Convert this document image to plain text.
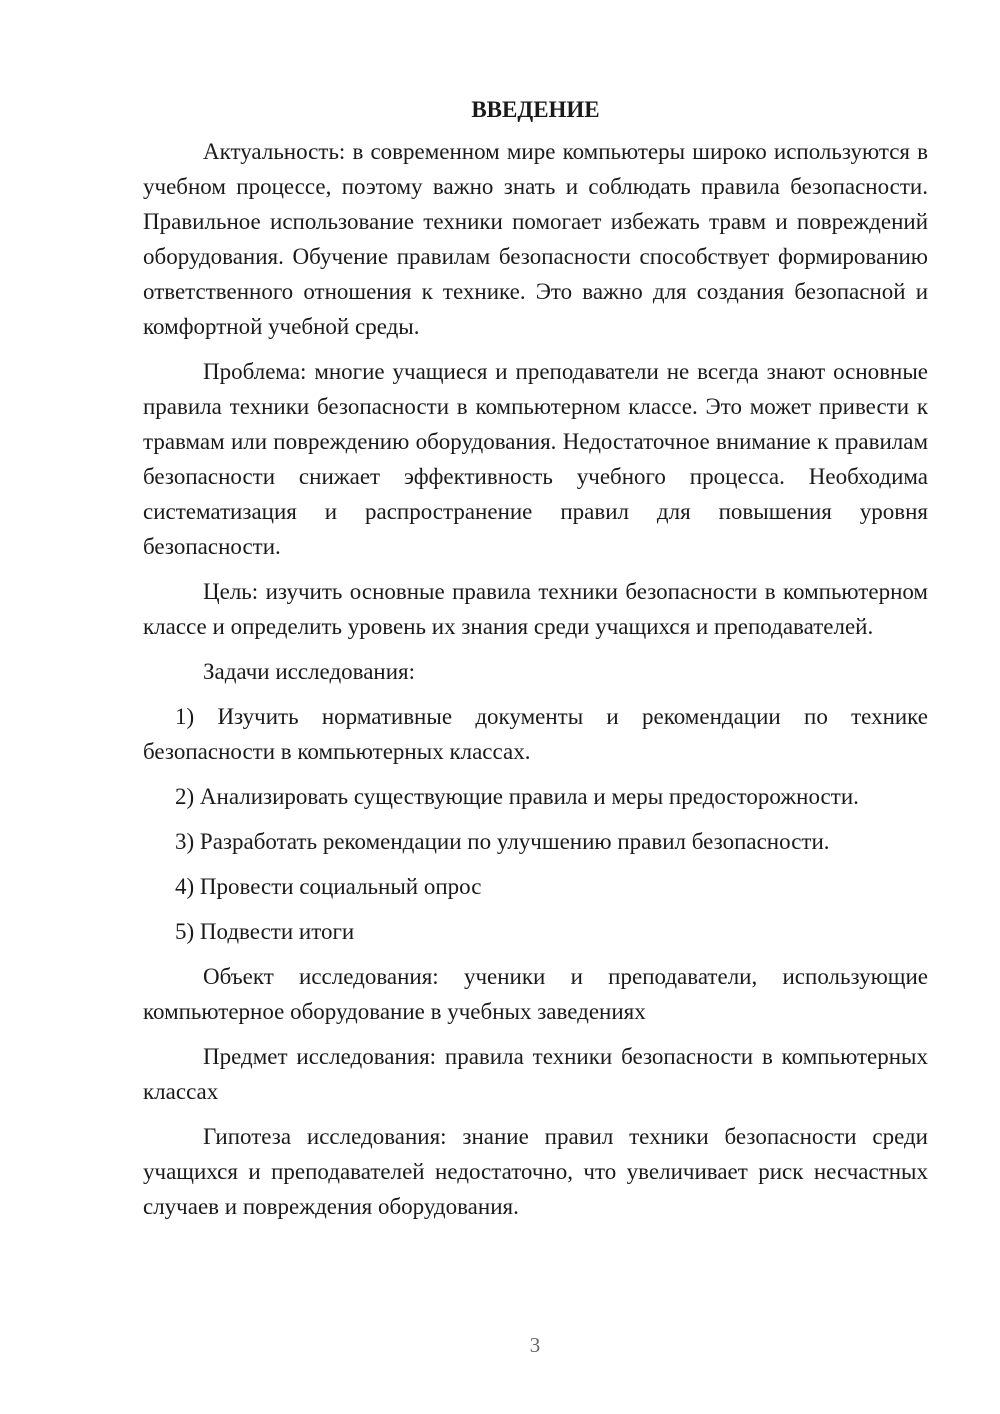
ВВЕДЕНИЕ

Актуальность: в современном мире компьютеры широко используются в учебном процессе, поэтому важно знать и соблюдать правила безопасности. Правильное использование техники помогает избежать травм и повреждений оборудования. Обучение правилам безопасности способствует формированию ответственного отношения к технике. Это важно для создания безопасной и комфортной учебной среды.

Проблема: многие учащиеся и преподаватели не всегда знают основные правила техники безопасности в компьютерном классе. Это может привести к травмам или повреждению оборудования. Недостаточное внимание к правилам безопасности снижает эффективность учебного процесса. Необходима систематизация и распространение правил для повышения уровня безопасности.

Цель: изучить основные правила техники безопасности в компьютерном классе и определить уровень их знания среди учащихся и преподавателей.

Задачи исследования:

1) Изучить нормативные документы и рекомендации по технике безопасности в компьютерных классах.

2) Анализировать существующие правила и меры предосторожности.

3) Разработать рекомендации по улучшению правил безопасности.

4) Провести социальный опрос

5) Подвести итоги

Объект исследования: ученики и преподаватели, использующие компьютерное оборудование в учебных заведениях

Предмет исследования: правила техники безопасности в компьютерных классах

Гипотеза исследования: знание правил техники безопасности среди учащихся и преподавателей недостаточно, что увеличивает риск несчастных случаев и повреждения оборудования.

3
